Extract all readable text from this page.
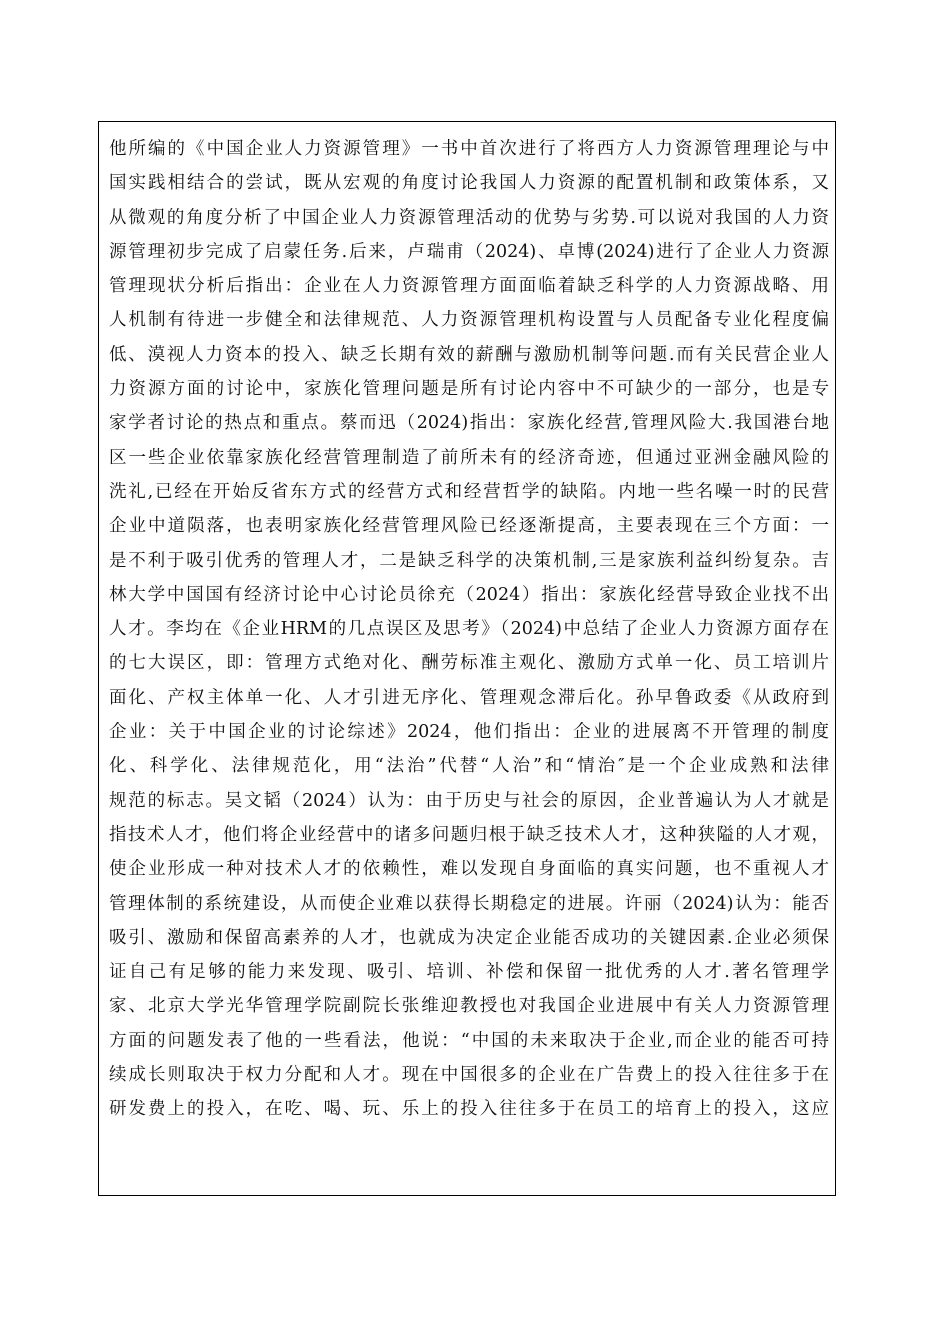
他所编的《中国企业人力资源管理》一书中首次进行了将西方人力资源管理理论与中
国实践相结合的尝试，既从宏观的角度讨论我国人力资源的配置机制和政策体系，又
从微观的角度分析了中国企业人力资源管理活动的优势与劣势.可以说对我国的人力资
源管理初步完成了启蒙任务.后来，卢瑞甫（2024)、卓博(2024)进行了企业人力资源
管理现状分析后指出：企业在人力资源管理方面面临着缺乏科学的人力资源战略、用
人机制有待进一步健全和法律规范、人力资源管理机构设置与人员配备专业化程度偏
低、漠视人力资本的投入、缺乏长期有效的薪酬与激励机制等问题.而有关民营企业人
力资源方面的讨论中，家族化管理问题是所有讨论内容中不可缺少的一部分，也是专
家学者讨论的热点和重点。蔡而迅（2024)指出：家族化经营,管理风险大.我国港台地
区一些企业依靠家族化经营管理制造了前所未有的经济奇迹，但通过亚洲金融风险的
洗礼,已经在开始反省东方式的经营方式和经营哲学的缺陷。内地一些名噪一时的民营
企业中道陨落，也表明家族化经营管理风险已经逐渐提高，主要表现在三个方面：一
是不利于吸引优秀的管理人才，二是缺乏科学的决策机制,三是家族利益纠纷复杂。吉
林大学中国国有经济讨论中心讨论员徐充（2024）指出：家族化经营导致企业找不出
人才。李均在《企业HRM的几点误区及思考》（2024)中总结了企业人力资源方面存在
的七大误区，即：管理方式绝对化、酬劳标准主观化、激励方式单一化、员工培训片
面化、产权主体单一化、人才引进无序化、管理观念滞后化。孙早鲁政委《从政府到
企业：关于中国企业的讨论综述》2024，他们指出：企业的进展离不开管理的制度
化、科学化、法律规范化，用“法治”代替“人治”和“情治″是一个企业成熟和法律
规范的标志。吴文韬（2024）认为：由于历史与社会的原因，企业普遍认为人才就是
指技术人才，他们将企业经营中的诸多问题归根于缺乏技术人才，这种狭隘的人才观，
使企业形成一种对技术人才的依赖性，难以发现自身面临的真实问题，也不重视人才
管理体制的系统建设，从而使企业难以获得长期稳定的进展。许丽（2024)认为：能否
吸引、激励和保留高素养的人才，也就成为决定企业能否成功的关键因素.企业必须保
证自己有足够的能力来发现、吸引、培训、补偿和保留一批优秀的人才.著名管理学
家、北京大学光华管理学院副院长张维迎教授也对我国企业进展中有关人力资源管理
方面的问题发表了他的一些看法，他说：“中国的未来取决于企业,而企业的能否可持
续成长则取决于权力分配和人才。现在中国很多的企业在广告费上的投入往往多于在
研发费上的投入，在吃、喝、玩、乐上的投入往往多于在员工的培育上的投入，这应
